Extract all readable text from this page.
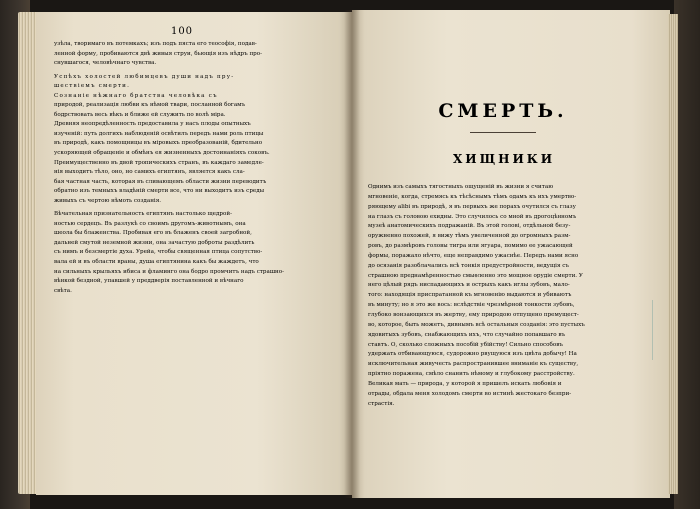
100
узѣла, творимаго въ потемкахъ; изъ подъ пяста его теософія, подав-
ленной форму, пробиваются двѣ живыя струи, бьющія изъ нѣдръ про-
снувшагося, человѣчнаго чувства.

Успѣхъ холостей любимцевъ души надъ пру-
шествіемъ смерти.
Сознаніе нѣжнаго братства человѣка съ
природой, реализація любви къ нѣмой твари, посланной богамъ
бодрствовать весь вѣкъ и ближе ей служить по волѣ міра.
Древняя неопредѣленность предоставила у насъ плоды опытныхъ
изученій: путь долгихъ наблюденій освѣтилъ передъ нами роль птицы
въ природѣ, какъ помощницы въ міровыхъ преобразованій, бдительно
ускоряющей обращеніе и обмѣнъ ея жизненныхъ достоинаніяхъ соковъ.
Преимущественно въ двой тропическихъ странъ, въ каждаго замедле-
нія выходитъ тѣло, оно, но самихъ египтянъ, является какъ сла-
бая частная часть, которая въ сливающемъ области жизни переводитъ
обратно изъ темныхъ владѣній смерти все, что ни выходитъ изъ среды
живыхъ съ чертою нѣмоть созданія.

Вѣчательная признательность египтянъ настолько щедрой-
ностью сердецъ. Въ разлукѣ со своимъ другомъ-животнымъ, она
шеола бы блаженства. Пробивая его въ блаженъ своей загробной,
дальней смутой неземной жизни, она зачастую доброты раздѣлить
съ нимъ и безсмертіе духа. Урейа, чтобы священная птица сопутство-
вала ей и въ области враны, душа египтянина какъ бы жаждетъ, что
на сильныхъ крыльяхъ ибиса и фламинго она бодро промчитъ надъ страшно-
вѣнкой бездной, упавшей у преддверія поставленной и вѣчнаго
свѣта.
СМЕРТЬ.
ХИЩНИКИ
Однимъ изъ самыхъ тягостныхъ ощущеній въ жизни я считаю
мгновеніе, когда, стремясь къ тѣсѣснымъ тѣмъ одамъ къ ихъ умертво-
ряющему alibi въ природѣ, я въ первыхъ же порахъ очутился съ глазу
на глазъ съ головою ехидны. Это случилось со мной въ дрогоцѣнномъ
музеѣ анатомическихъ подражаній. Въ этой голові, отдѣльной безу-
оружненно похожей, я вижу тѣмъ увеличенной до огромныхъ разм-
ровъ, до размѣровъ головы тигра или ягуара, помимо ее ужасающей
формы, поражало нѣчто, еще неправдимо ужаснѣе. Передъ нами ясно
до осязанія разоблачались всѣ тонкія предустройности, ведущія съ
страшною преднамѣренностью смыѳленно это мощное орудіе смерти. У
него цѣлый рядъ ниспадающихъ и острыхъ какъ иглы зубовъ, мало-
того: находящія приспратанной къ мгновенію выдаются и убиваютъ
въ минуту; но я это же вось: вслѣдствіе чрезмѣрной тонкости зубовъ,
глубоко вонзающихся въ жертву, ему природою отпущено премущест-
во, которое, быть можетъ, дивнымъ всѣ остальныя созданія: это пустыхъ
ядовитыхъ зубовъ, снабжающихъ ихъ, что случайно попавшаго въ
ставтъ. О, сколько сложныхъ пособій убійству! Сильно способовъ
удержать отбивающуюся, судорожно рвущуюся изъ цвѣта добычу! На
исключительная живучесть распространившее вниманіе къ существу,
пріятно поражена, смѣло снанить нѣмому и глубокому расстройству.
Великая мать — природа, у которой я пришелъ искать любовія и
отрады, обдала меня холодомъ смерти во истинѣ жестокаго безпри-
страстія.
